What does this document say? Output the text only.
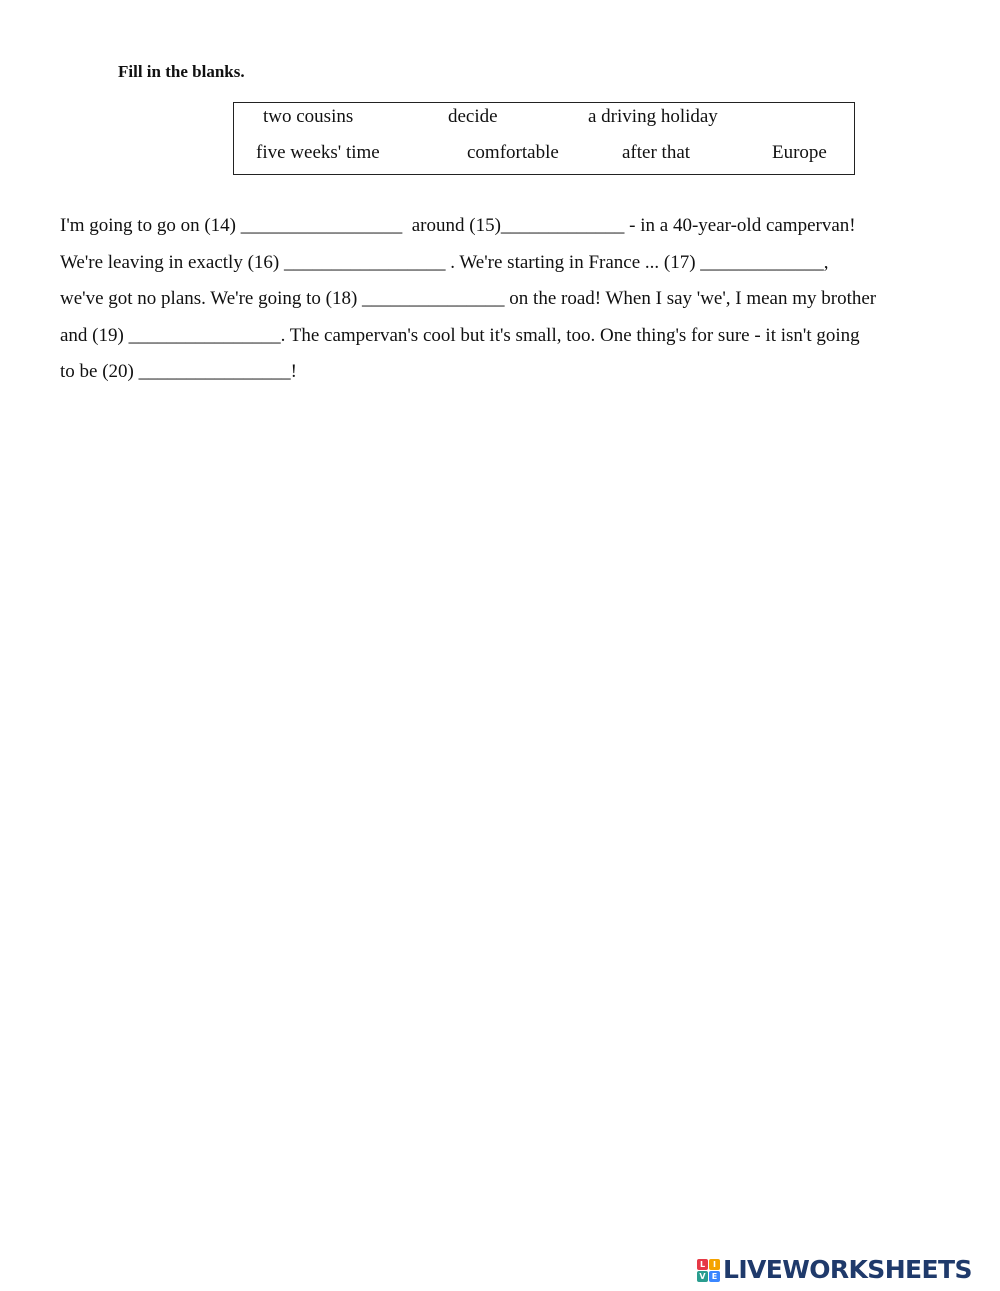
Fill in the blanks.

two cousins	decide	a driving holiday
five weeks' time	comfortable	after that	Europe
I'm going to go on (14) _________________  around (15)_____________ - in a 40-year-old campervan!
We're leaving in exactly (16) _________________ . We're starting in France ... (17) _____________,
we've got no plans. We're going to (18) _______________ on the road! When I say 'we', I mean my brother
and (19) ________________. The campervan's cool but it's small, too. One thing's for sure - it isn't going
to be (20) ________________!
L I
V E LIVEWORKSHEETS
